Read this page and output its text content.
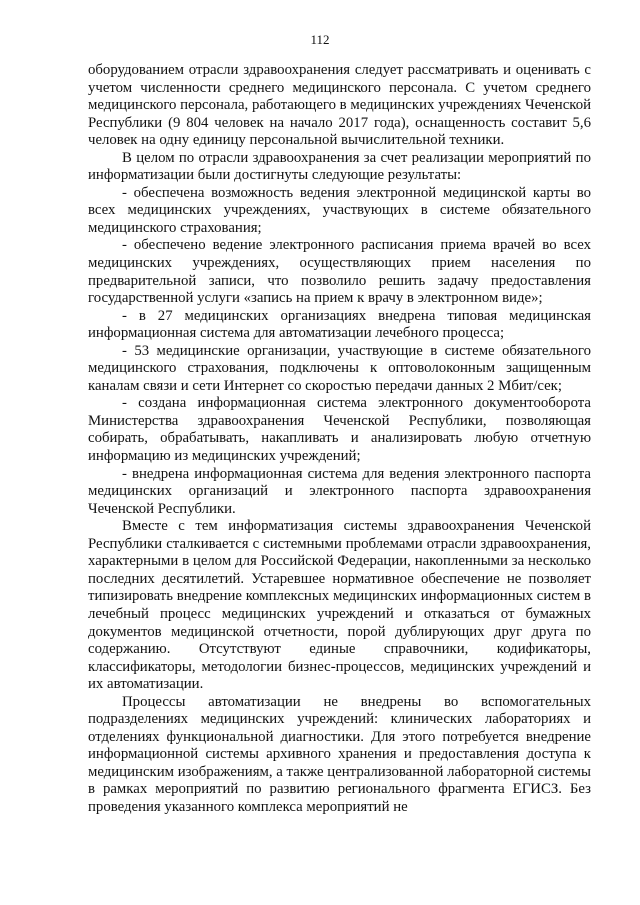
112

оборудованием отрасли здравоохранения следует рассматривать и оценивать с учетом численности среднего медицинского персонала. С учетом среднего медицинского персонала, работающего в медицинских учреждениях Чеченской Республики (9 804 человек на начало 2017 года), оснащенность составит 5,6 человек на одну единицу персональной вычислительной техники.

В целом по отрасли здравоохранения за счет реализации мероприятий по информатизации были достигнуты следующие результаты:

- обеспечена возможность ведения электронной медицинской карты во всех медицинских учреждениях, участвующих в системе обязательного медицинского страхования;

- обеспечено ведение электронного расписания приема врачей во всех медицинских учреждениях, осуществляющих прием населения по предварительной записи, что позволило решить задачу предоставления государственной услуги «запись на прием к врачу в электронном виде»;

- в 27 медицинских организациях внедрена типовая медицинская информационная система для автоматизации лечебного процесса;

- 53 медицинские организации, участвующие в системе обязательного медицинского страхования, подключены к оптоволоконным защищенным каналам связи и сети Интернет со скоростью передачи данных 2 Мбит/сек;

- создана информационная система электронного документооборота Министерства здравоохранения Чеченской Республики, позволяющая собирать, обрабатывать, накапливать и анализировать любую отчетную информацию из медицинских учреждений;

- внедрена информационная система для ведения электронного паспорта медицинских организаций и электронного паспорта здравоохранения Чеченской Республики.

Вместе с тем информатизация системы здравоохранения Чеченской Республики сталкивается с системными проблемами отрасли здравоохранения, характерными в целом для Российской Федерации, накопленными за несколько последних десятилетий. Устаревшее нормативное обеспечение не позволяет типизировать внедрение комплексных медицинских информационных систем в лечебный процесс медицинских учреждений и отказаться от бумажных документов медицинской отчетности, порой дублирующих друг друга по содержанию. Отсутствуют единые справочники, кодификаторы, классификаторы, методологии бизнес-процессов, медицинских учреждений и их автоматизации.

Процессы автоматизации не внедрены во вспомогательных подразделениях медицинских учреждений: клинических лабораториях и отделениях функциональной диагностики. Для этого потребуется внедрение информационной системы архивного хранения и предоставления доступа к медицинским изображениям, а также централизованной лабораторной системы в рамках мероприятий по развитию регионального фрагмента ЕГИСЗ. Без проведения указанного комплекса мероприятий не
